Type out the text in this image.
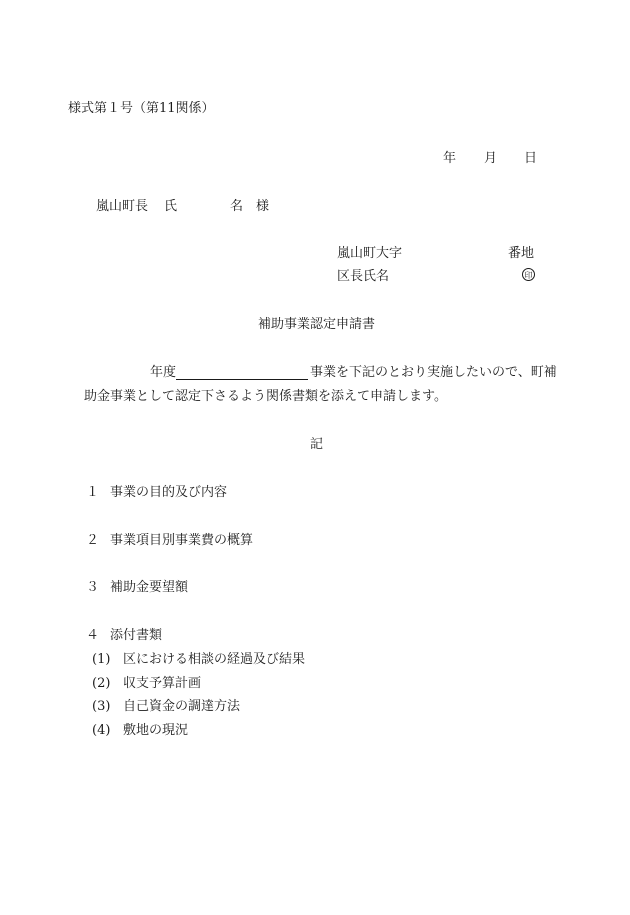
様式第１号（第11関係）
年 月 日
嵐山町長 氏	名 様
嵐山町大字	番地
区長氏名	印
補助事業認定申請書
年度	事業を下記のとおり実施したいので、町補
助金事業として認定下さるよう関係書類を添えて申請します。
記
１ 事業の目的及び内容
２ 事業項目別事業費の概算
３ 補助金要望額
４ 添付書類
(1) 区における相談の経過及び結果
(2) 収支予算計画
(3) 自己資金の調達方法
(4) 敷地の現況
